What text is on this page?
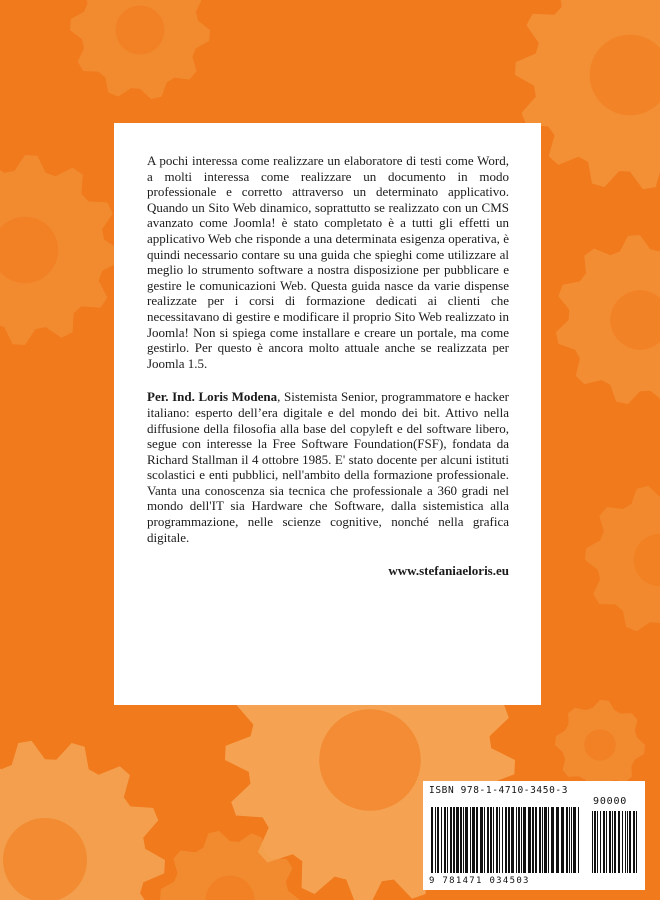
A pochi interessa come realizzare un elaboratore di testi come Word, a molti interessa come realizzare un documento in modo professionale e corretto attraverso un determinato applicativo. Quando un Sito Web dinamico, soprattutto se realizzato con un CMS avanzato come Joomla! è stato completato è a tutti gli effetti un applicativo Web che risponde a una determinata esigenza operativa, è quindi necessario contare su una guida che spieghi come utilizzare al meglio lo strumento software a nostra disposizione per pubblicare e gestire le comunicazioni Web. Questa guida nasce da varie dispense realizzate per i corsi di formazione dedicati ai clienti che necessitavano di gestire e modificare il proprio Sito Web realizzato in Joomla! Non si spiega come installare e creare un portale, ma come gestirlo. Per questo è ancora molto attuale anche se realizzata per Joomla 1.5.

Per. Ind. Loris Modena, Sistemista Senior, programmatore e hacker italiano: esperto dell’era digitale e del mondo dei bit. Attivo nella diffusione della filosofia alla base del copyleft e del software libero, segue con interesse la Free Software Foundation(FSF), fondata da Richard Stallman il 4 ottobre 1985. E' stato docente per alcuni istituti scolastici e enti pubblici, nell'ambito della formazione professionale. Vanta una conoscenza sia tecnica che professionale a 360 gradi nel mondo dell'IT sia Hardware che Software, dalla sistemistica alla programmazione, nelle scienze cognitive, nonché nella grafica digitale.

www.stefaniaeloris.eu
ISBN 978-1-4710-3450-3
90000
9 781471 034503
